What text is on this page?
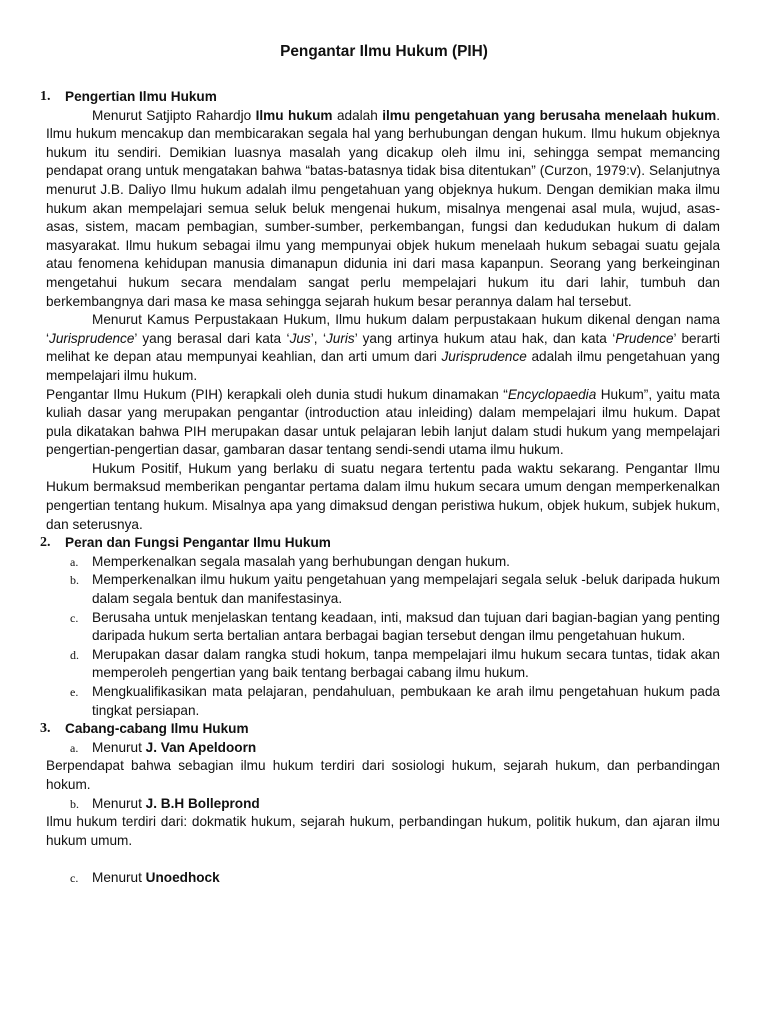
Pengantar Ilmu Hukum (PIH)
1. Pengertian Ilmu Hukum

Menurut Satjipto Rahardjo Ilmu hukum adalah ilmu pengetahuan yang berusaha menelaah hukum. Ilmu hukum mencakup dan membicarakan segala hal yang berhubungan dengan hukum. Ilmu hukum objeknya hukum itu sendiri. Demikian luasnya masalah yang dicakup oleh ilmu ini, sehingga sempat memancing pendapat orang untuk mengatakan bahwa “batas-batasnya tidak bisa ditentukan” (Curzon, 1979:v). Selanjutnya menurut J.B. Daliyo Ilmu hukum adalah ilmu pengetahuan yang objeknya hukum. Dengan demikian maka ilmu hukum akan mempelajari semua seluk beluk mengenai hukum, misalnya mengenai asal mula, wujud, asas-asas, sistem, macam pembagian, sumber-sumber, perkembangan, fungsi dan kedudukan hukum di dalam masyarakat. Ilmu hukum sebagai ilmu yang mempunyai objek hukum menelaah hukum sebagai suatu gejala atau fenomena kehidupan manusia dimanapun didunia ini dari masa kapanpun. Seorang yang berkeinginan mengetahui hukum secara mendalam sangat perlu mempelajari hukum itu dari lahir, tumbuh dan berkembangnya dari masa ke masa sehingga sejarah hukum besar perannya dalam hal tersebut.

Menurut Kamus Perpustakaan Hukum, Ilmu hukum dalam perpustakaan hukum dikenal dengan nama ‘Jurisprudence’ yang berasal dari kata ‘Jus’, ‘Juris’ yang artinya hukum atau hak, dan kata ‘Prudence’ berarti melihat ke depan atau mempunyai keahlian, dan arti umum dari Jurisprudence adalah ilmu pengetahuan yang mempelajari ilmu hukum.

Pengantar Ilmu Hukum (PIH) kerapkali oleh dunia studi hukum dinamakan “Encyclopaedia Hukum”, yaitu mata kuliah dasar yang merupakan pengantar (introduction atau inleiding) dalam mempelajari ilmu hukum. Dapat pula dikatakan bahwa PIH merupakan dasar untuk pelajaran lebih lanjut dalam studi hukum yang mempelajari pengertian-pengertian dasar, gambaran dasar tentang sendi-sendi utama ilmu hukum.

Hukum Positif, Hukum yang berlaku di suatu negara tertentu pada waktu sekarang. Pengantar Ilmu Hukum bermaksud memberikan pengantar pertama dalam ilmu hukum secara umum dengan memperkenalkan pengertian tentang hukum. Misalnya apa yang dimaksud dengan peristiwa hukum, objek hukum, subjek hukum, dan seterusnya.

2. Peran dan Fungsi Pengantar Ilmu Hukum
a. Memperkenalkan segala masalah yang berhubungan dengan hukum.
b. Memperkenalkan ilmu hukum yaitu pengetahuan yang mempelajari segala seluk -beluk daripada hukum dalam segala bentuk dan manifestasinya.
c. Berusaha untuk menjelaskan tentang keadaan, inti, maksud dan tujuan dari bagian-bagian yang penting daripada hukum serta bertalian antara berbagai bagian tersebut dengan ilmu pengetahuan hukum.
d. Merupakan dasar dalam rangka studi hokum, tanpa mempelajari ilmu hukum secara tuntas, tidak akan memperoleh pengertian yang baik tentang berbagai cabang ilmu hukum.
e. Mengkualifikasikan mata pelajaran, pendahuluan, pembukaan ke arah ilmu pengetahuan hukum pada tingkat persiapan.
3. Cabang-cabang Ilmu Hukum
a. Menurut J. Van Apeldoorn

Berpendapat bahwa sebagian ilmu hukum terdiri dari sosiologi hukum, sejarah hukum, dan perbandingan hokum.

b. Menurut J. B.H Bolleprond

Ilmu hukum terdiri dari: dokmatik hukum, sejarah hukum, perbandingan hukum, politik hukum, dan ajaran ilmu hukum umum.

c. Menurut Unoedhock
